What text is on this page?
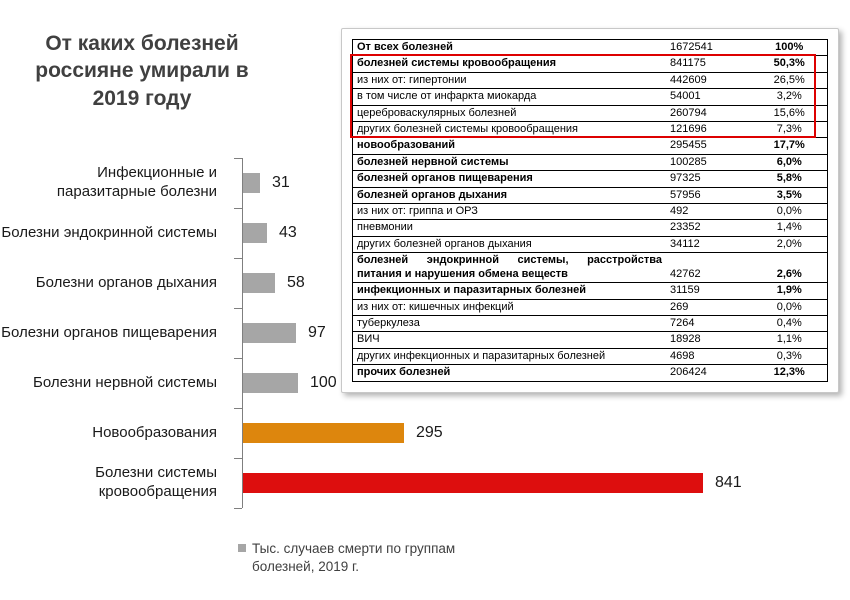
От каких болезней россияне умирали в 2019 году
Инфекционные и паразитарные болезни
31
Болезни эндокринной системы	43
Болезни органов дыхания	58
Болезни органов пищеварения	97
Болезни нервной системы	100
Новообразования	295
Болезни системы кровообращения
841
Тыс. случаев смерти по группам болезней, 2019 г.
От всех болезней	1672541	100%
болезней системы кровообращения	841175	50,3%
из них от: гипертонии	442609	26,5%
в том числе от инфаркта миокарда	54001	3,2%
цереброваскулярных болезней	260794	15,6%
других болезней системы кровообращения	121696	7,3%
новообразований	295455	17,7%
болезней нервной системы	100285	6,0%
болезней органов пищеварения	97325	5,8%
болезней органов дыхания	57956	3,5%
из них от: гриппа и ОРЗ	492	0,0%
пневмонии	23352	1,4%
других болезней органов дыхания	34112	2,0%
болезней эндокринной системы, расстройства питания и нарушения обмена веществ	42762	2,6%
инфекционных и паразитарных болезней	31159	1,9%
из них от: кишечных инфекций	269	0,0%
туберкулеза	7264	0,4%
ВИЧ	18928	1,1%
других инфекционных и паразитарных болезней	4698	0,3%
прочих болезней	206424	12,3%
